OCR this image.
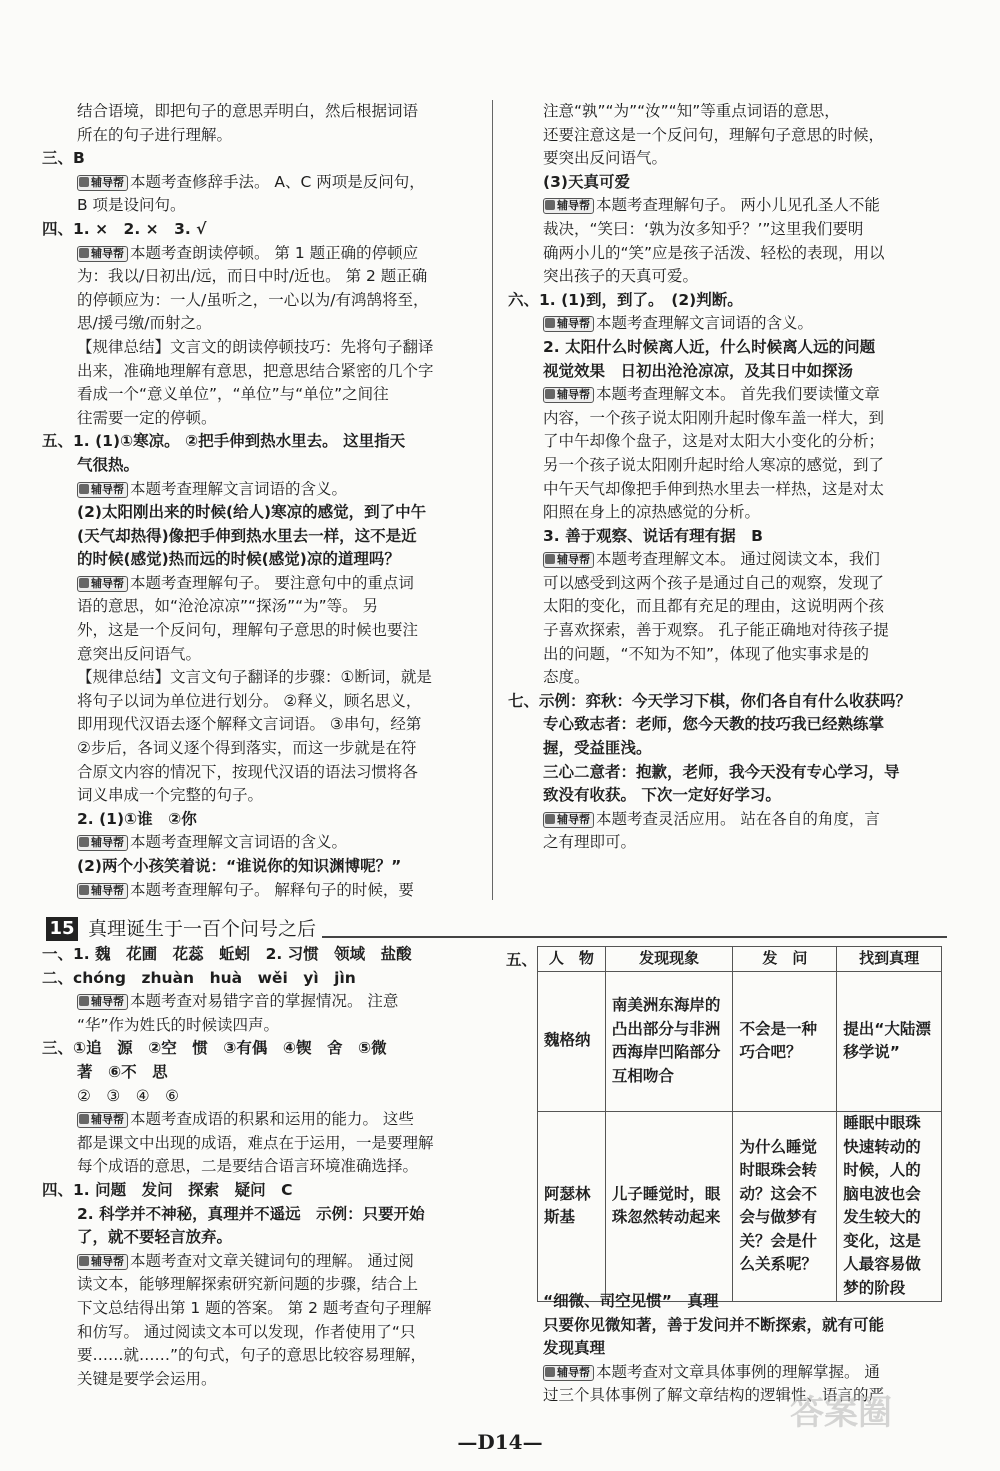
结合语境，即把句子的意思弄明白，然后根据词语

所在的句子进行理解。

三、B

辅导帮 本题考查修辞手法。 A、C 两项是反问句，

B 项是设问句。

四、1. ×　2. ×　3. √

辅导帮 本题考查朗读停顿。 第 1 题正确的停顿应

为：我以/日初出/远，而日中时/近也。 第 2 题正确

的停顿应为：一人/虽听之，一心以为/有鸿鹄将至，

思/援弓缴/而射之。

【规律总结】文言文的朗读停顿技巧：先将句子翻译

出来，准确地理解有意思，把意思结合紧密的几个字

看成一个“意义单位”，“单位”与“单位”之间往

往需要一定的停顿。

五、1. (1)①寒凉。 ②把手伸到热水里去。 这里指天

气很热。

辅导帮 本题考查理解文言词语的含义。

(2)太阳刚出来的时候(给人)寒凉的感觉，到了中午

(天气却热得)像把手伸到热水里去一样，这不是近

的时候(感觉)热而远的时候(感觉)凉的道理吗？

辅导帮 本题考查理解句子。 要注意句中的重点词

语的意思，如“沧沧凉凉”“探汤”“为”等。 另

外，这是一个反问句，理解句子意思的时候也要注

意突出反问语气。

【规律总结】文言文句子翻译的步骤：①断词，就是

将句子以词为单位进行划分。 ②释义，顾名思义，

即用现代汉语去逐个解释文言词语。 ③串句，经第

②步后，各词义逐个得到落实，而这一步就是在符

合原文内容的情况下，按现代汉语的语法习惯将各

词义串成一个完整的句子。

2. (1)①谁　②你

辅导帮 本题考查理解文言词语的含义。

(2)两个小孩笑着说：“谁说你的知识渊博呢？”

辅导帮 本题考查理解句子。 解释句子的时候，要

注意“孰”“为”“汝”“知”等重点词语的意思，

还要注意这是一个反问句，理解句子意思的时候，

要突出反问语气。

(3)天真可爱

辅导帮 本题考查理解句子。 两小儿见孔圣人不能

裁决，“笑曰：‘孰为汝多知乎？’”这里我们要明

确两小儿的“笑”应是孩子活泼、轻松的表现，用以

突出孩子的天真可爱。

六、1. (1)到，到了。　(2)判断。

辅导帮 本题考查理解文言词语的含义。

2. 太阳什么时候离人近，什么时候离人远的问题

视觉效果　日初出沧沧凉凉，及其日中如探汤

辅导帮 本题考查理解文本。 首先我们要读懂文章

内容，一个孩子说太阳刚升起时像车盖一样大，到

了中午却像个盘子，这是对太阳大小变化的分析；

另一个孩子说太阳刚升起时给人寒凉的感觉，到了

中午天气却像把手伸到热水里去一样热，这是对太

阳照在身上的凉热感觉的分析。

3. 善于观察、说话有理有据　B

辅导帮 本题考查理解文本。 通过阅读文本，我们

可以感受到这两个孩子是通过自己的观察，发现了

太阳的变化，而且都有充足的理由，这说明两个孩

子喜欢探索，善于观察。 孔子能正确地对待孩子提

出的问题，“不知为不知”，体现了他实事求是的

态度。

七、示例：弈秋：今天学习下棋，你们各自有什么收获吗？

专心致志者：老师，您今天教的技巧我已经熟练掌

握，受益匪浅。

三心二意者：抱歉，老师，我今天没有专心学习，导

致没有收获。 下次一定好好学习。

辅导帮 本题考查灵活应用。 站在各自的角度，言

之有理即可。

15 真理诞生于一百个问号之后

一、1. 魏　花圃　花蕊　蚯蚓　2. 习惯　领域　盐酸

二、chóng　zhuàn　huà　wěi　yì　jìn

辅导帮 本题考查对易错字音的掌握情况。 注意

“华”作为姓氏的时候读四声。

三、①追　源　②空　惯　③有偶　④锲　舍　⑤微

著　⑥不　思

②　③　④　⑥

辅导帮 本题考查成语的积累和运用的能力。 这些

都是课文中出现的成语，难点在于运用，一是要理解

每个成语的意思，二是要结合语言环境准确选择。

四、1. 问题　发问　探索　疑问　C

2. 科学并不神秘，真理并不遥远　示例：只要开始

了，就不要轻言放弃。

辅导帮 本题考查对文章关键词句的理解。 通过阅

读文本，能够理解探索研究新问题的步骤，结合上

下文总结得出第 1 题的答案。 第 2 题考查句子理解

和仿写。 通过阅读文本可以发现，作者使用了“只

要……就……”的句式，句子的意思比较容易理解，

关键是要学会运用。

五、 人　物	发现现象	发　问	找到真理
魏格纳	南美洲东海岸的凸出部分与非洲西海岸凹陷部分互相吻合	不会是一种巧合吧？	提出“大陆漂移学说”
阿瑟林斯基	儿子睡觉时，眼珠忽然转动起来	为什么睡觉时眼珠会转动？这会不会与做梦有关？会是什么关系呢？	睡眠中眼珠快速转动的时候，人的脑电波也会发生较大的变化，这是人最容易做梦的阶段

“细微、司空见惯”　真理

只要你见微知著，善于发问并不断探索，就有可能

发现真理

辅导帮 本题考查对文章具体事例的理解掌握。 通

过三个具体事例了解文章结构的逻辑性、语言的严

答案圈
—D14—
